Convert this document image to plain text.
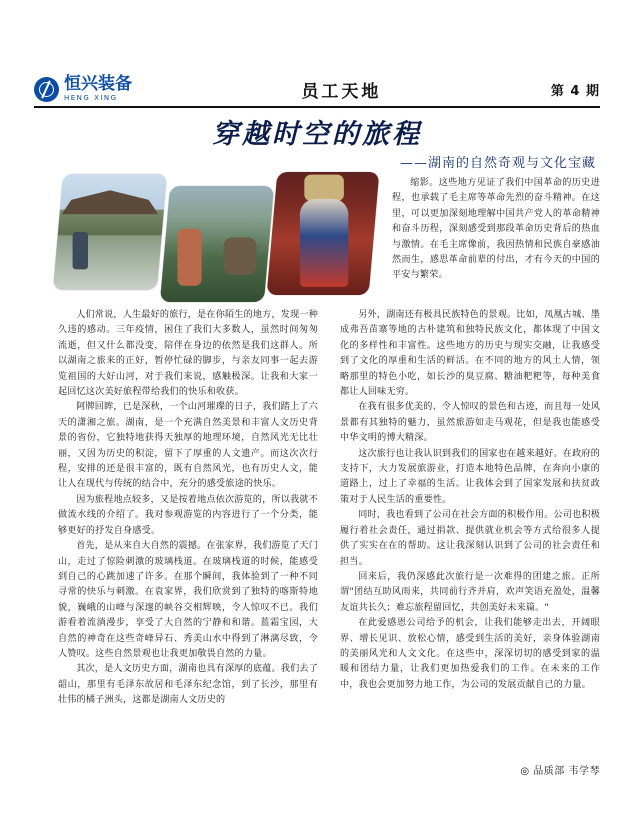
恒兴装备
HENG XING	员工天地	第 4 期
穿越时空的旅程
——湖南的自然奇观与文化宝藏

缩影。这些地方见证了我们中国革命的历史进程，也承载了毛主席等革命先烈的奋斗精神。在这里，可以更加深刻地理解中国共产党人的革命精神和奋斗历程，深刻感受到那段革命历史背后的热血与激情。在毛主席像前，我因热情和民族自豪感油然而生，感思革命前辈的付出，才有今天的中国的平安与繁荣。

人们常说，人生最好的旅行，是在你陌生的地方，发现一种久违的感动。三年疫情，困住了我们大多数人，虽然时间匆匆流逝，但又什么都没变，陪伴在身边的依然是我们这群人。所以湖南之旅来的正好，暂停忙碌的脚步，与亲友同事一起去游览祖国的大好山河，对于我们来说，感触极深。让我和大家一起回忆这次美好旅程带给我们的快乐和收获。

阿牌回眸，已是深秋，一个山河璀璨的日子，我们踏上了六天的潇湘之旅。湖南，是一个充满自然美景和丰富人文历史背景的省份，它独特地获得天独厚的地理环境，自然风光无比壮丽，又因为历史的积淀，留下了厚重的人文遗产。而这次次行程，安排的还是很丰富的，既有自然风光，也有历史人文，能让人在现代与传统的结合中，充分的感受旅途的快乐。

因为旅程地点较多，又是按着地点依次游览的，所以我就不做流水线的介绍了。我对参观游览的内容进行了一个分类，能够更好的抒发自身感受。

首先，是从来自大自然的震撼。在张家界，我们游览了天门山，走过了惊险刺激的玻璃栈道。在玻璃栈道的时候，能感受到自己的心跳加速了许多。在那个瞬间，我体验到了一种不同寻常的快乐与刺激。在袁家界，我们欣赏到了独特的喀斯特地貌，巍峨的山峰与深邃的峡谷交相辉映，令人惊叹不已。我们游看着流淌漫步，享受了大自然的宁静和和谐。蓝霜宝园，大自然的神奇在这些奇峰异石、秀美山水中得到了淋漓尽致，令人赞叹。这些自然景观也让我更加敬畏自然的力量。

其次，是人文历史方面，湖南也具有深厚的底蕴。我们去了韶山，那里有毛泽东故居和毛泽东纪念馆，到了长沙，那里有壮伟的橘子洲头，这都是湖南人文历史的

另外，湖南还有极具民族特色的景观。比如，凤凰古城、墨成弗吾苗寨等地的古朴建筑和独特民族文化，都体现了中国文化的多样性和丰富性。这些地方的历史与现实交融，让我感受到了文化的厚重和生活的鲜活。在不同的地方的风土人情，领略那里的特色小吃，如长沙的臭豆腐、糖油粑粑等，每种美食都让人回味无穷。

在我有很多优美的、令人惊叹的景色和古迹，而且每一处风景都有其独特的魅力，虽然旅游如走马观花，但是我也能感受中华文明的博大精深。

这次旅行也让我认识到我们的国家也在越来越好。在政府的支持下，大力发展旅游业，打造本地特色品牌，在奔向小康的道路上，过上了幸福的生活。让我体会到了国家发展和扶贫政策对于人民生活的重要性。

同时，我也看到了公司在社会方面的积极作用。公司也积极履行着社会责任，通过捐款、提供就业机会等方式给很多人提供了实实在在的帮助。这让我深刻认识到了公司的社会责任和担当。

回来后，我仍深感此次旅行是一次难得的团建之旅。正所谓"团结互助风雨来，共同前行齐并肩，欢声笑语充盈处，温馨友谊共长久；难忘旅程留回忆，共创美好未来篇。"

在此爱感恩公司给予的机会，让我们能够走出去，开阔眼界、增长见识、放松心情，感受到生活的美好，亲身体验湖南的美丽风光和人文文化。在这些中，深深切切的感受到家的温暖和团结力量，让我们更加热爱我们的工作。在未来的工作中，我也会更加努力地工作，为公司的发展贡献自己的力量。

◎ 品质部 韦学琴
